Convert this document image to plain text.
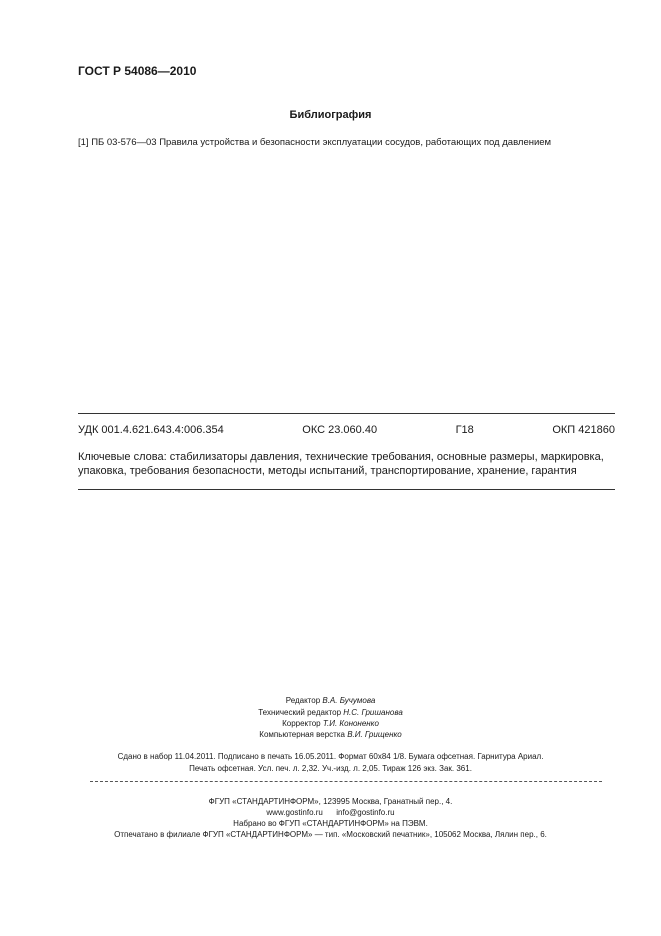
ГОСТ Р 54086—2010
Библиография
[1] ПБ 03-576—03 Правила устройства и безопасности эксплуатации сосудов, работающих под давлением
УДК 001.4.621.643.4:006.354	ОКС 23.060.40	Г18	ОКП 421860
Ключевые слова: стабилизаторы давления, технические требования, основные размеры, маркировка,
упаковка, требования безопасности, методы испытаний, транспортирование, хранение, гарантия
Редактор В.А. Бучумова
Технический редактор Н.С. Гришанова
Корректор Т.И. Кононенко
Компьютерная верстка В.И. Грищенко
Сдано в набор 11.04.2011. Подписано в печать 16.05.2011. Формат 60x84 1/8. Бумага офсетная. Гарнитура Ариал.
Печать офсетная. Усл. печ. л. 2,32. Уч.-изд. л. 2,05. Тираж 126 экз. Зак. 361.
ФГУП «СТАНДАРТИНФОРМ», 123995 Москва, Гранатный пер., 4.
www.gostinfo.ru info@gostinfo.ru
Набрано во ФГУП «СТАНДАРТИНФОРМ» на ПЭВМ.
Отпечатано в филиале ФГУП «СТАНДАРТИНФОРМ» — тип. «Московский печатник», 105062 Москва, Лялин пер., 6.
